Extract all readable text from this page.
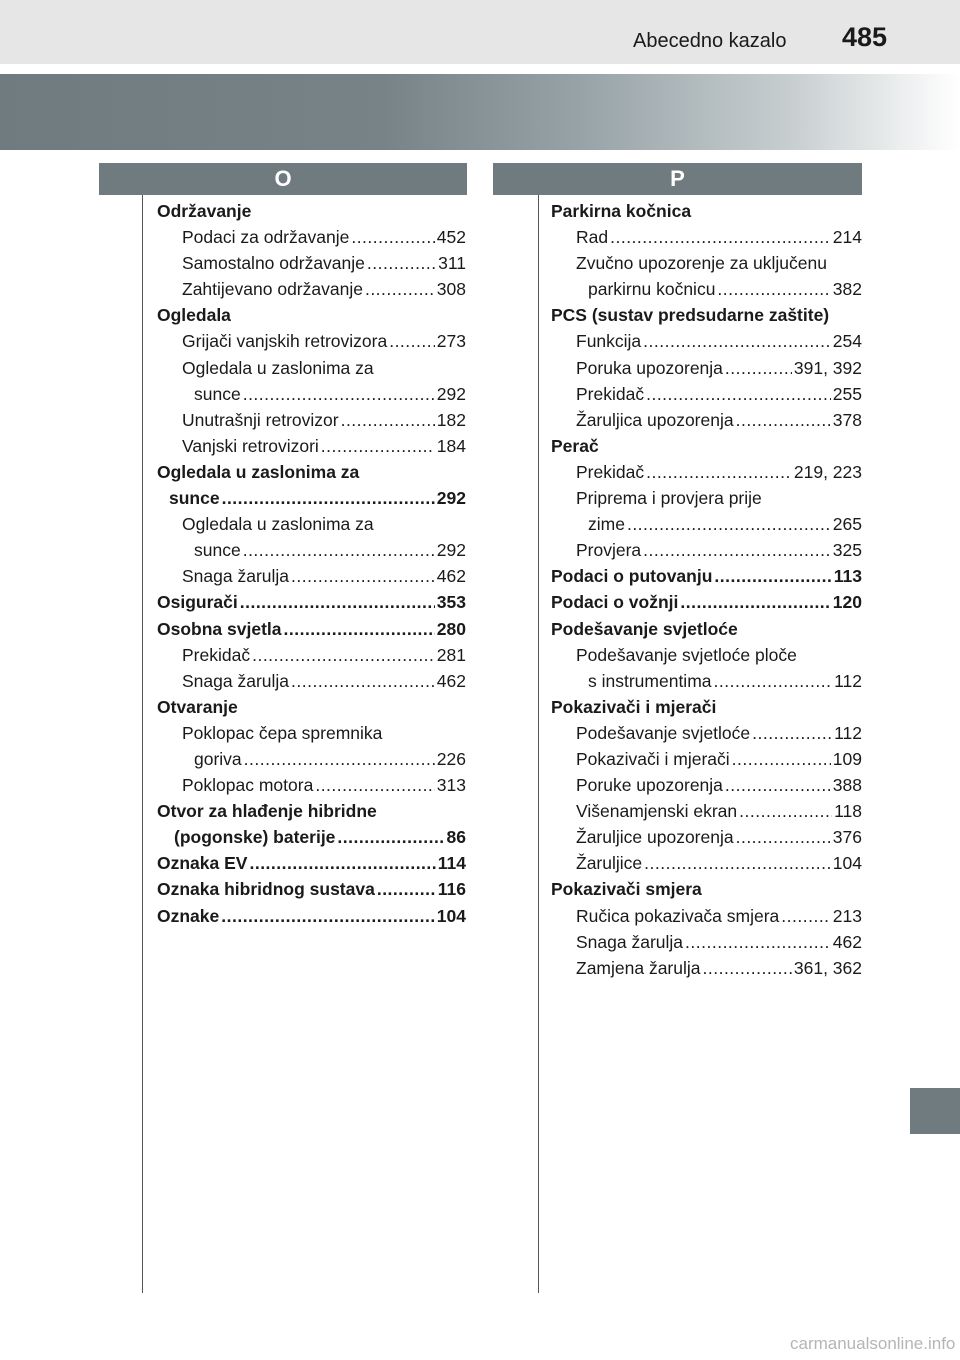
Abecedno kazalo 485
O	P
Održavanje
Podaci za održavanje .....	452
Samostalno održavanje .....	311
Zahtijevano održavanje .....	308
Ogledala
Grijači vanjskih retrovizora .....	273
Ogledala u zaslonima za
sunce .....	292
Unutrašnji retrovizor .....	182
Vanjski retrovizori .....	184
Ogledala u zaslonima za
sunce .....	292
Ogledala u zaslonima za
sunce .....	292
Snaga žarulja .....	462
Osigurači .....	353
Osobna svjetla .....	280
Prekidač .....	281
Snaga žarulja .....	462
Otvaranje
Poklopac čepa spremnika
goriva .....	226
Poklopac motora .....	313
Otvor za hlađenje hibridne
(pogonske) baterije .....	86
Oznaka EV .....	114
Oznaka hibridnog sustava .....	116
Oznake .....	104
Parkirna kočnica
Rad .....	214
Zvučno upozorenje za uključenu
parkirnu kočnicu .....	382
PCS (sustav predsudarne zaštite)
Funkcija .....	254
Poruka upozorenja .....	391, 392
Prekidač .....	255
Žaruljica upozorenja .....	378
Perač
Prekidač .....	219, 223
Priprema i provjera prije
zime .....	265
Provjera .....	325
Podaci o putovanju .....	113
Podaci o vožnji .....	120
Podešavanje svjetloće
Podešavanje svjetloće ploče
s instrumentima .....	112
Pokazivači i mjerači
Podešavanje svjetloće .....	112
Pokazivači i mjerači .....	109
Poruke upozorenja .....	388
Višenamjenski ekran .....	118
Žaruljice upozorenja .....	376
Žaruljice .....	104
Pokazivači smjera
Ručica pokazivača smjera .....	213
Snaga žarulja .....	462
Zamjena žarulja .....	361, 362
carmanualsonline.info
